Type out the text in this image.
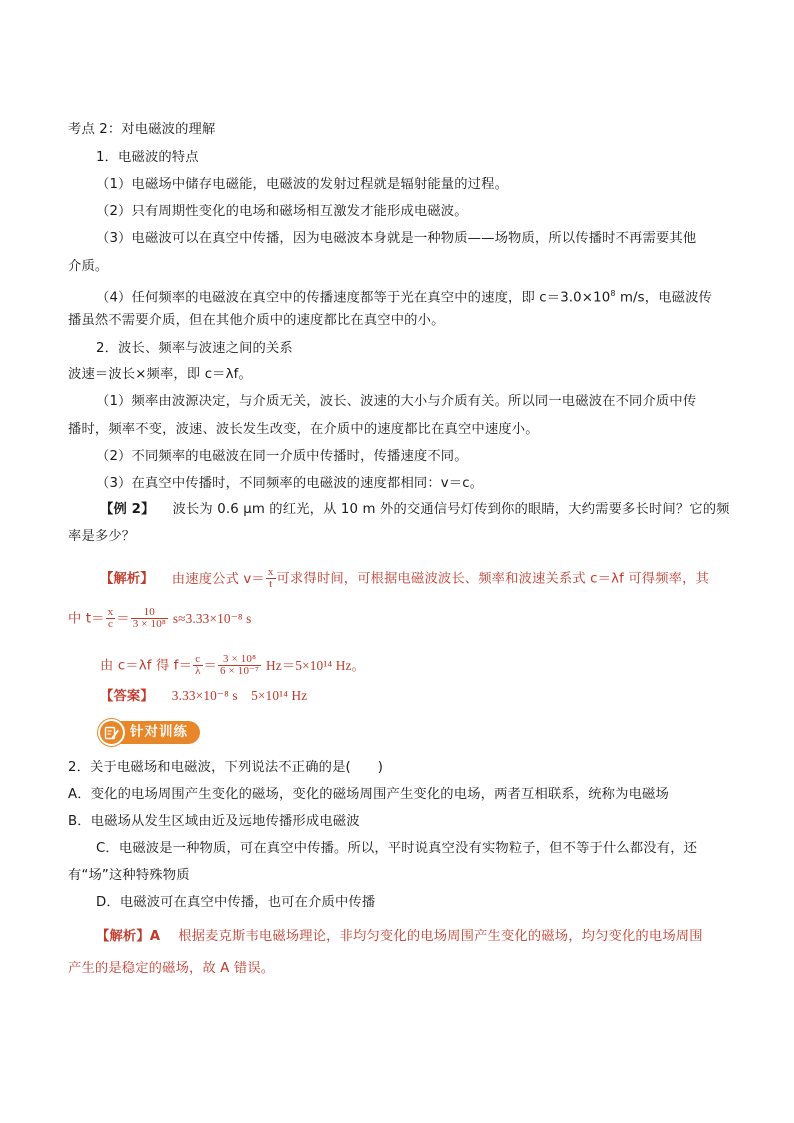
考点 2：对电磁波的理解
1．电磁波的特点
（1）电磁场中储存电磁能，电磁波的发射过程就是辐射能量的过程。
（2）只有周期性变化的电场和磁场相互激发才能形成电磁波。
（3）电磁波可以在真空中传播，因为电磁波本身就是一种物质——场物质，所以传播时不再需要其他
介质。
（4）任何频率的电磁波在真空中的传播速度都等于光在真空中的速度，即 $c=3.0\times 10^8$ m/s，电磁波传
播虽然不需要介质，但在其他介质中的速度都比在真空中的小。
2．波长、频率与波速之间的关系
波速＝波长×频率，即 c＝λf。
（1）频率由波源决定，与介质无关，波长、波速的大小与介质有关。所以同一电磁波在不同介质中传
播时，频率不变，波速、波长发生改变，在介质中的速度都比在真空中速度小。
（2）不同频率的电磁波在同一介质中传播时，传播速度不同。
（3）在真空中传播时，不同频率的电磁波的速度都相同：v＝c。
【例 2】 波长为 0.6 μm 的红光，从 10 m 外的交通信号灯传到你的眼睛，大约需要多长时间？它的频
率是多少？
【解析】 由速度公式 $v= \frac{x}{t}$ 可求得时间，可根据电磁波波长、频率和波速关系式 c＝λf 可得频率，其
中 $t= \frac{x}{c} = \frac{10}{\text{3 × 10⁸}} s\approx 3.33\times 10^{-8}$ s
由 c＝λf 得 $f= \frac{c}{\lambda} = \frac{\text{3 × 10⁸}}{\text{6 × 10⁻⁷}} Hz=5\times 10^{14}$ Hz。
【答案】 3.33×10⁻⁸ s　5×10¹⁴ Hz
针对训练
2．关于电磁场和电磁波，下列说法不正确的是(　　)
A．变化的电场周围产生变化的磁场，变化的磁场周围产生变化的电场，两者互相联系，统称为电磁场
B．电磁场从发生区域由近及远地传播形成电磁波
C．电磁波是一种物质，可在真空中传播。所以，平时说真空没有实物粒子，但不等于什么都没有，还
有“场”这种特殊物质
D．电磁波可在真空中传播，也可在介质中传播
【解析】A 根据麦克斯韦电磁场理论，非均匀变化的电场周围产生变化的磁场，均匀变化的电场周围
产生的是稳定的磁场，故 A 错误。
